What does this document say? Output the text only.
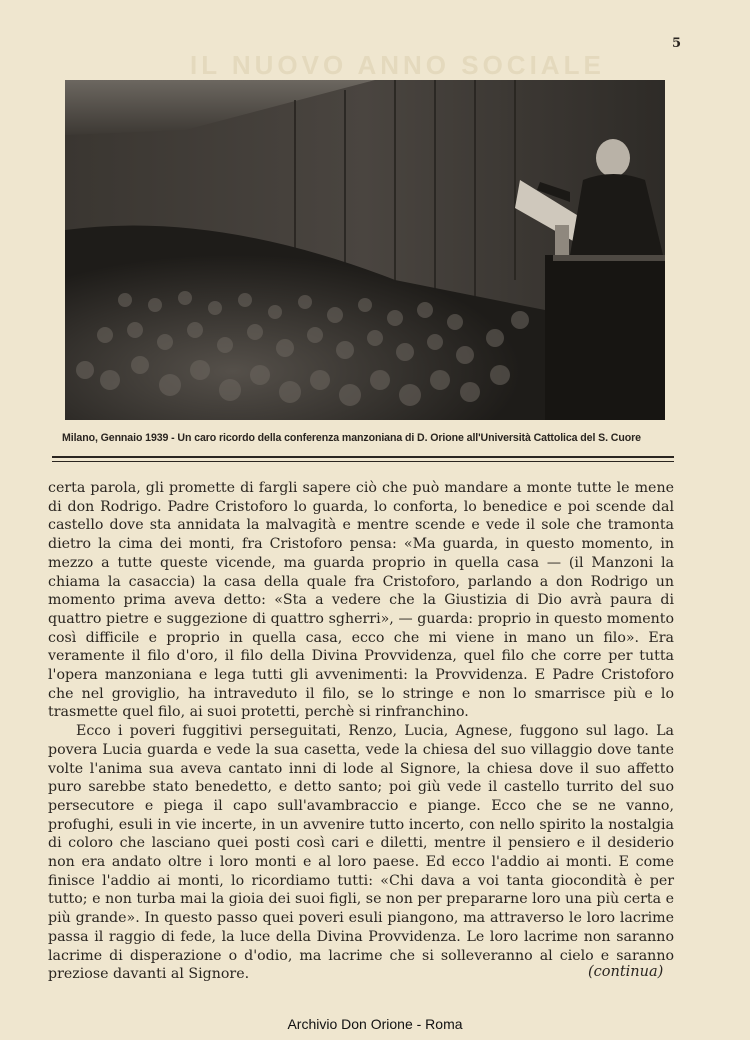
IL NUOVO ANNO SOCIALE
5
Milano, Gennaio 1939 - Un caro ricordo della conferenza manzoniana di D. Orione all'Università Cattolica del S. Cuore

certa parola, gli promette di fargli sapere ciò che può mandare a monte tutte le mene di don Rodrigo. Padre Cristoforo lo guarda, lo conforta, lo benedice e poi scende dal castello dove sta annidata la malvagità e mentre scende e vede il sole che tramonta dietro la cima dei monti, fra Cristoforo pensa: «Ma guarda, in questo momento, in mezzo a tutte queste vicende, ma guarda proprio in quella casa — (il Manzoni la chiama la casaccia) la casa della quale fra Cristoforo, parlando a don Rodrigo un momento prima aveva detto: «Sta a vedere che la Giustizia di Dio avrà paura di quattro pietre e suggezione di quattro sgherri», — guarda: proprio in questo momento così difficile e proprio in quella casa, ecco che mi viene in mano un filo». Era veramente il filo d'oro, il filo della Divina Provvidenza, quel filo che corre per tutta l'opera manzoniana e lega tutti gli avvenimenti: la Provvidenza. E Padre Cristoforo che nel groviglio, ha intraveduto il filo, se lo stringe e non lo smarrisce più e lo trasmette quel filo, ai suoi protetti, perchè si rinfranchino.

Ecco i poveri fuggitivi perseguitati, Renzo, Lucia, Agnese, fuggono sul lago. La povera Lucia guarda e vede la sua casetta, vede la chiesa del suo villaggio dove tante volte l'anima sua aveva cantato inni di lode al Signore, la chiesa dove il suo affetto puro sarebbe stato benedetto, e detto santo; poi giù vede il castello turrito del suo persecutore e piega il capo sull'avambraccio e piange. Ecco che se ne vanno, profughi, esuli in vie incerte, in un avvenire tutto incerto, con nello spirito la nostalgia di coloro che lasciano quei posti così cari e diletti, mentre il pensiero e il desiderio non era andato oltre i loro monti e al loro paese. Ed ecco l'addio ai monti. E come finisce l'addio ai monti, lo ricordiamo tutti: «Chi dava a voi tanta giocondità è per tutto; e non turba mai la gioia dei suoi figli, se non per prepararne loro una più certa e più grande». In questo passo quei poveri esuli piangono, ma attraverso le loro lacrime passa il raggio di fede, la luce della Divina Provvidenza. Le loro lacrime non saranno lacrime di disperazione o d'odio, ma lacrime che si solleveranno al cielo e saranno preziose davanti al Signore.	(continua)
Archivio Don Orione - Roma
